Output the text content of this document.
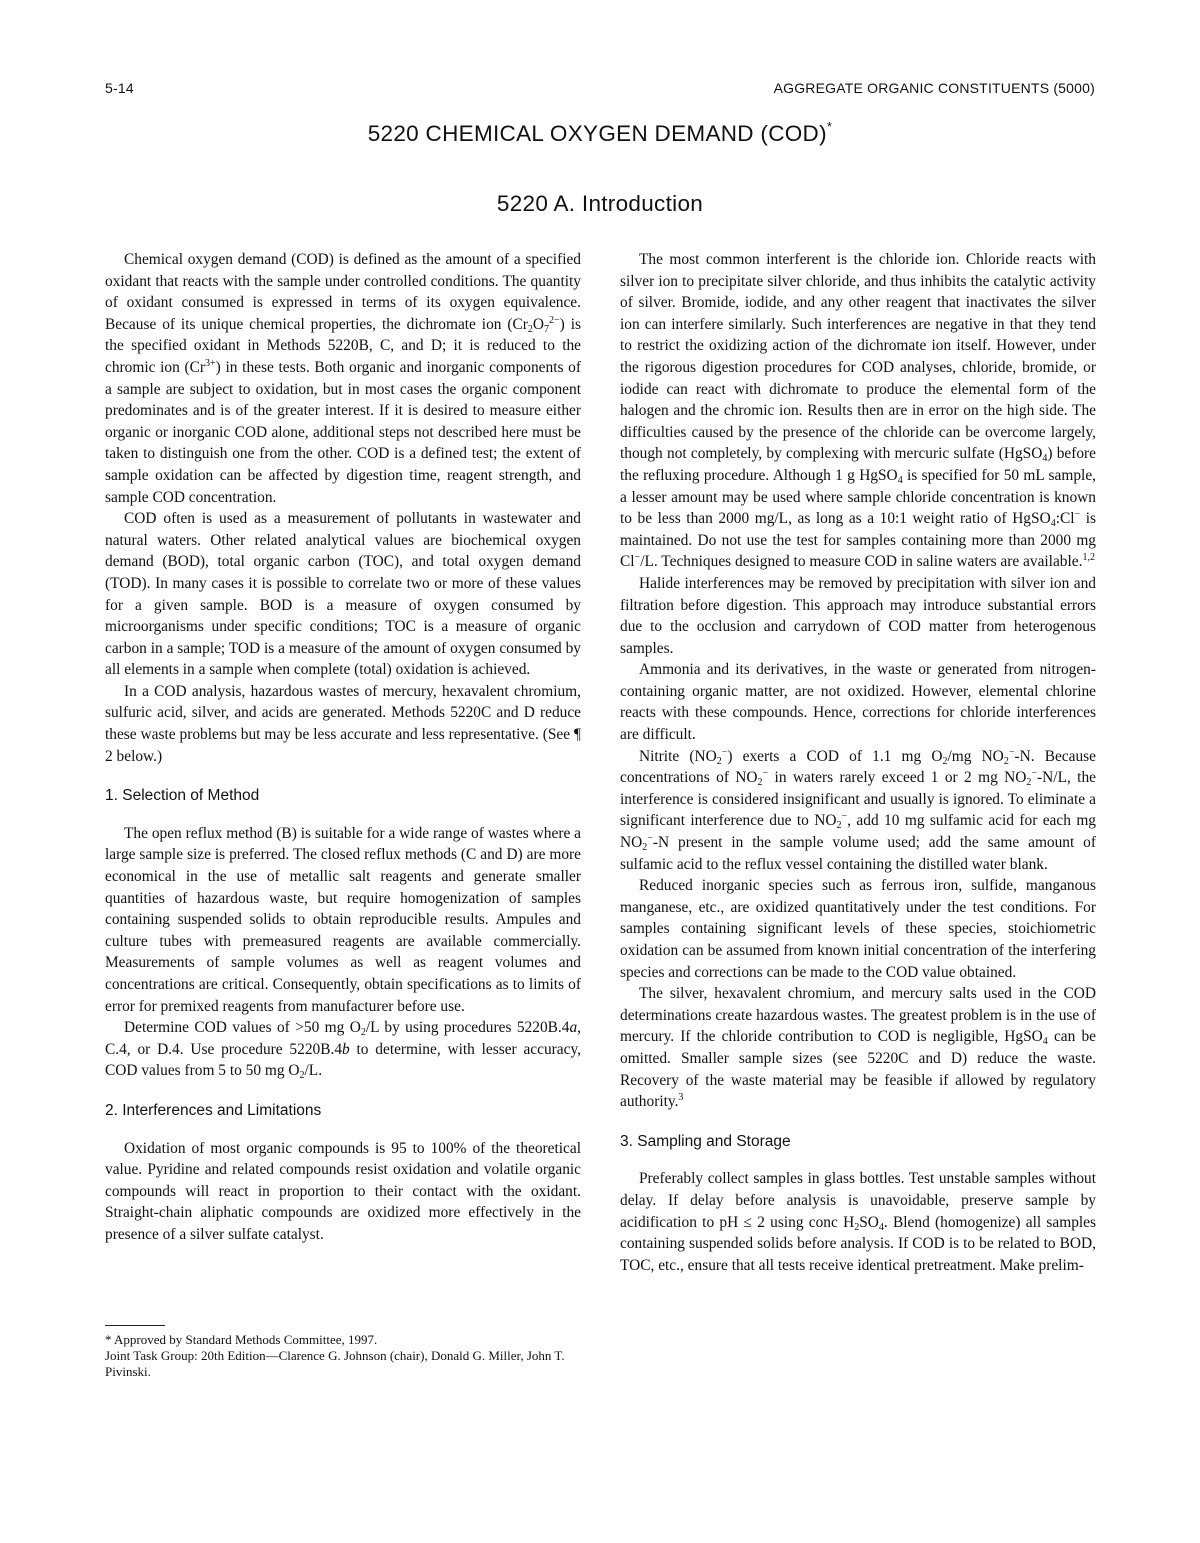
5-14	AGGREGATE ORGANIC CONSTITUENTS (5000)
5220 CHEMICAL OXYGEN DEMAND (COD)*
5220 A. Introduction

Chemical oxygen demand (COD) is defined as the amount of a specified oxidant that reacts with the sample under controlled conditions. The quantity of oxidant consumed is expressed in terms of its oxygen equivalence. Because of its unique chemical properties, the dichromate ion $(Cr_2O_7^{2-})$ is the specified oxidant in Methods 5220B, C, and D; it is reduced to the chromic ion $(Cr^{3+})$ in these tests. Both organic and inorganic components of a sample are subject to oxidation, but in most cases the organic component predominates and is of the greater interest. If it is desired to measure either organic or inorganic COD alone, additional steps not described here must be taken to distinguish one from the other. COD is a defined test; the extent of sample oxidation can be affected by digestion time, reagent strength, and sample COD concentration.

COD often is used as a measurement of pollutants in wastewater and natural waters. Other related analytical values are biochemical oxygen demand (BOD), total organic carbon (TOC), and total oxygen demand (TOD). In many cases it is possible to correlate two or more of these values for a given sample. BOD is a measure of oxygen consumed by microorganisms under specific conditions; TOC is a measure of organic carbon in a sample; TOD is a measure of the amount of oxygen consumed by all elements in a sample when complete (total) oxidation is achieved.

In a COD analysis, hazardous wastes of mercury, hexavalent chromium, sulfuric acid, silver, and acids are generated. Methods 5220C and D reduce these waste problems but may be less accurate and less representative. (See ¶ 2 below.)

1. Selection of Method

The open reflux method (B) is suitable for a wide range of wastes where a large sample size is preferred. The closed reflux methods (C and D) are more economical in the use of metallic salt reagents and generate smaller quantities of hazardous waste, but require homogenization of samples containing suspended solids to obtain reproducible results. Ampules and culture tubes with premeasured reagents are available commercially. Measurements of sample volumes as well as reagent volumes and concentrations are critical. Consequently, obtain specifications as to limits of error for premixed reagents from manufacturer before use.

Determine COD values of >50 mg $O_2/L$ by using procedures 5220B.4a, C.4, or D.4. Use procedure 5220B.4b to determine, with lesser accuracy, COD values from 5 to 50 mg $O_2/L$.

2. Interferences and Limitations

Oxidation of most organic compounds is 95 to 100% of the theoretical value. Pyridine and related compounds resist oxidation and volatile organic compounds will react in proportion to their contact with the oxidant. Straight-chain aliphatic compounds are oxidized more effectively in the presence of a silver sulfate catalyst.

* Approved by Standard Methods Committee, 1997.

Joint Task Group: 20th Edition—Clarence G. Johnson (chair), Donald G. Miller, John T. Pivinski.

The most common interferent is the chloride ion. Chloride reacts with silver ion to precipitate silver chloride, and thus inhibits the catalytic activity of silver. Bromide, iodide, and any other reagent that inactivates the silver ion can interfere similarly. Such interferences are negative in that they tend to restrict the oxidizing action of the dichromate ion itself. However, under the rigorous digestion procedures for COD analyses, chloride, bromide, or iodide can react with dichromate to produce the elemental form of the halogen and the chromic ion. Results then are in error on the high side. The difficulties caused by the presence of the chloride can be overcome largely, though not completely, by complexing with mercuric sulfate (HgSO$_4$) before the refluxing procedure. Although 1 g HgSO$_4$ is specified for 50 mL sample, a lesser amount may be used where sample chloride concentration is known to be less than 2000 mg/L, as long as a 10:1 weight ratio of HgSO$_4$:Cl− is maintained. Do not use the test for samples containing more than 2000 mg Cl−/L. Techniques designed to measure COD in saline waters are available.$^{1,2}$

Halide interferences may be removed by precipitation with silver ion and filtration before digestion. This approach may introduce substantial errors due to the occlusion and carrydown of COD matter from heterogenous samples.

Ammonia and its derivatives, in the waste or generated from nitrogen-containing organic matter, are not oxidized. However, elemental chlorine reacts with these compounds. Hence, corrections for chloride interferences are difficult.

Nitrite $(NO_2^-)$ exerts a COD of 1.1 mg $O_2/mg$ $NO_2^--N$. Because concentrations of $NO_2^-$ in waters rarely exceed 1 or 2 mg $NO_2^--N/L$, the interference is considered insignificant and usually is ignored. To eliminate a significant interference due to $NO_2^-$, add 10 mg sulfamic acid for each mg $NO_2^--N$ present in the sample volume used; add the same amount of sulfamic acid to the reflux vessel containing the distilled water blank.

Reduced inorganic species such as ferrous iron, sulfide, manganous manganese, etc., are oxidized quantitatively under the test conditions. For samples containing significant levels of these species, stoichiometric oxidation can be assumed from known initial concentration of the interfering species and corrections can be made to the COD value obtained.

The silver, hexavalent chromium, and mercury salts used in the COD determinations create hazardous wastes. The greatest problem is in the use of mercury. If the chloride contribution to COD is negligible, HgSO$_4$ can be omitted. Smaller sample sizes (see 5220C and D) reduce the waste. Recovery of the waste material may be feasible if allowed by regulatory authority.$^3$

3. Sampling and Storage

Preferably collect samples in glass bottles. Test unstable samples without delay. If delay before analysis is unavoidable, preserve sample by acidification to pH ≤ 2 using conc $H_2SO_4$. Blend (homogenize) all samples containing suspended solids before analysis. If COD is to be related to BOD, TOC, etc., ensure that all tests receive identical pretreatment. Make prelim-
